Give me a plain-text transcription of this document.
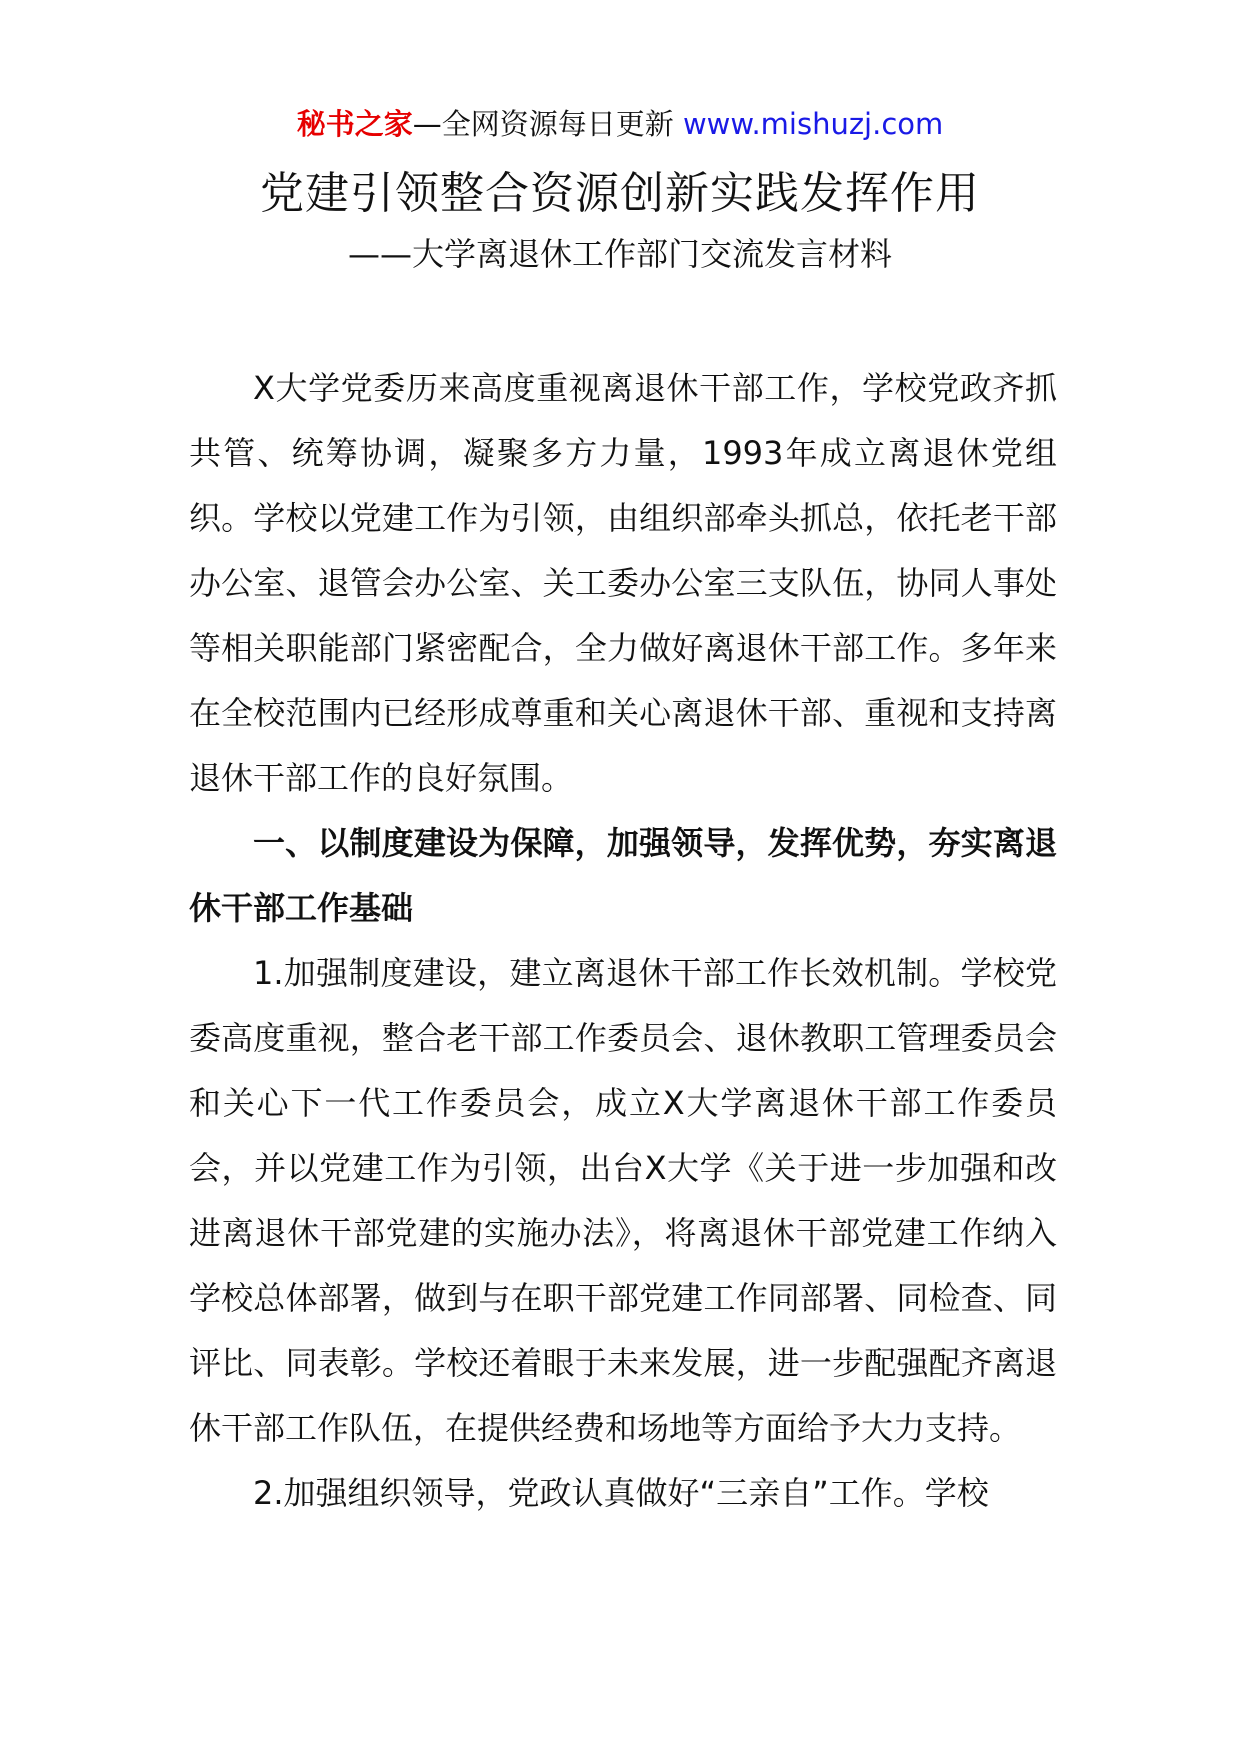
秘书之家—全网资源每日更新 www.mishuzj.com
党建引领整合资源创新实践发挥作用
——大学离退休工作部门交流发言材料

X大学党委历来高度重视离退休干部工作，学校党政齐抓共管、统筹协调，凝聚多方力量，1993年成立离退休党组织。学校以党建工作为引领，由组织部牵头抓总，依托老干部办公室、退管会办公室、关工委办公室三支队伍，协同人事处等相关职能部门紧密配合，全力做好离退休干部工作。多年来在全校范围内已经形成尊重和关心离退休干部、重视和支持离退休干部工作的良好氛围。

一、以制度建设为保障，加强领导，发挥优势，夯实离退休干部工作基础

1.加强制度建设，建立离退休干部工作长效机制。学校党委高度重视，整合老干部工作委员会、退休教职工管理委员会和关心下一代工作委员会，成立X大学离退休干部工作委员会，并以党建工作为引领，出台X大学《关于进一步加强和改进离退休干部党建的实施办法》，将离退休干部党建工作纳入学校总体部署，做到与在职干部党建工作同部署、同检查、同评比、同表彰。学校还着眼于未来发展，进一步配强配齐离退休干部工作队伍，在提供经费和场地等方面给予大力支持。

2.加强组织领导，党政认真做好“三亲自”工作。学校
